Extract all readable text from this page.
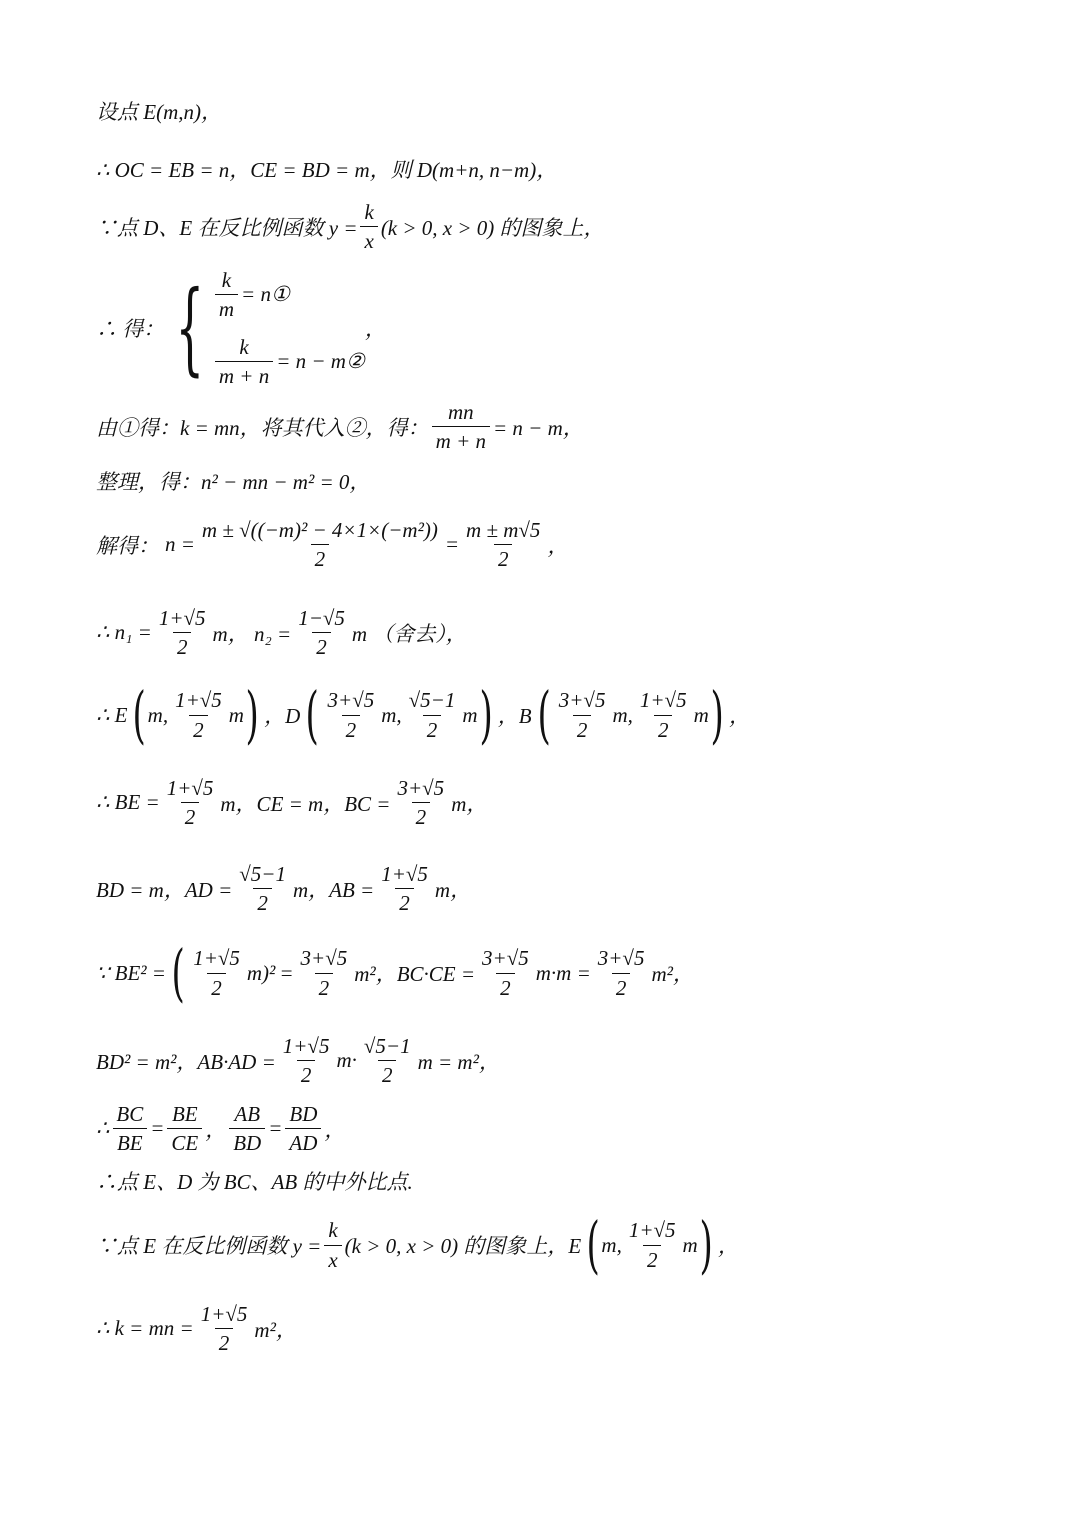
设点 E(m,n)，
∴ OC = EB = n，CE = BD = m，则 D(m+n, n−m)，
∵点 D、E 在反比例函数 $y = \frac{k}{x} (k > 0$, x > 0) 的图象上，
∴ 得： { $\frac{k}{m}$ = n①
$\frac{k}{m + n} = n$ − m②
，
由①得：k = mn，将其代入②，得： $\frac{mn}{m + n} = n - m$，
整理，得：n² − mn − m² = 0，
解得： $n = \frac{\text{m ± √((−m)² − 4×1×(−m²))}}{2} = \frac{m \pm m√5}{2}$ ，
∴ $n_1 = \frac{1+√5}{2}$ m， $n_2 = \frac{1-√5}{2}$ m （舍去），
∴ E ( m, $\frac{1+√5}{2}$ m ) ，D ( $\frac{3+√5}{2} m$, $\frac{√5-1}{2}$ m ) ，B ( $\frac{3+√5}{2} m$, $\frac{1+√5}{2}$ m ) ，
∴ BE = $\frac{1+√5}{2}$ m，CE = m，BC = $\frac{3+√5}{2}$ m，
BD = m，AD = $\frac{√5-1}{2}$ m，AB = $\frac{1+√5}{2}$ m，
∵ BE² = ( $\frac{1+√5}{2} m)^2 = \frac{3+√5}{2} m^2$，$BC\cdot CE = \frac{3+√5}{2} m\cdot m = \frac{3+√5}{2} m^2$，
BD² = m²，$AB\cdot AD = \frac{1+√5}{2} m\cdot \frac{√5-1}{2}$ m = m²，
∴ $\frac{BC}{BE} = \frac{BE}{CE}$ ， $\frac{AB}{BD} = \frac{BD}{AD}$ ，
∴点 E、D 为 BC、AB 的中外比点.
∵点 E 在反比例函数 $y = \frac{k}{x} (k > 0$, x > 0) 的图象上，E ( m, $\frac{1+√5}{2}$ m ) ，
∴ k = mn = $\frac{1+√5}{2} m^2$，
